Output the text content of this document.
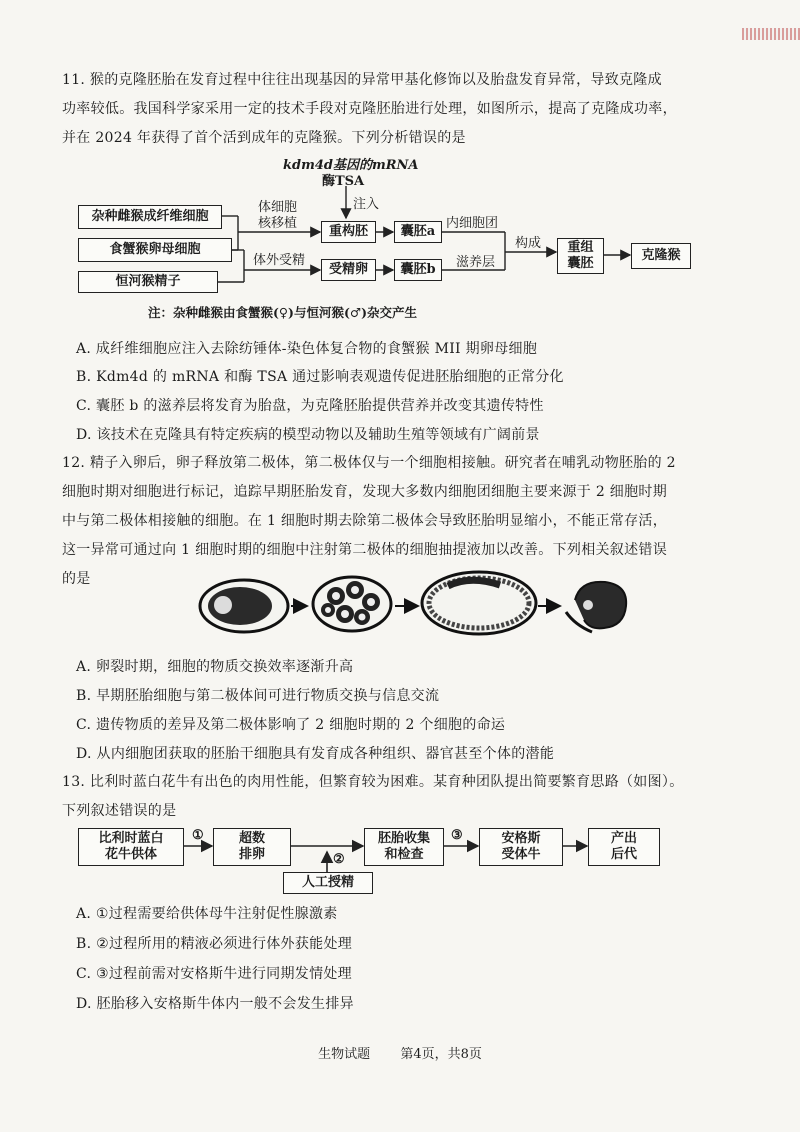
11. 猴的克隆胚胎在发育过程中往往出现基因的异常甲基化修饰以及胎盘发育异常，导致克隆成
功率较低。我国科学家采用一定的技术手段对克隆胚胎进行处理，如图所示，提高了克隆成功率，
并在 2024 年获得了首个活到成年的克隆猴。下列分析错误的是
kdm4d基因的mRNA
酶TSA
注入
杂种雌猴成纤维细胞
食蟹猴卵母细胞
恒河猴精子
体细胞
核移植
体外受精
重构胚	囊胚a
受精卵	囊胚b
内细胞团
滋养层
构成 重组
囊胚
克隆猴
注：杂种雌猴由食蟹猴(♀)与恒河猴(♂)杂交产生
A. 成纤维细胞应注入去除纺锤体-染色体复合物的食蟹猴 MII 期卵母细胞
B. Kdm4d 的 mRNA 和酶 TSA 通过影响表观遗传促进胚胎细胞的正常分化
C. 囊胚 b 的滋养层将发育为胎盘，为克隆胚胎提供营养并改变其遗传特性
D. 该技术在克隆具有特定疾病的模型动物以及辅助生殖等领域有广阔前景
12. 精子入卵后，卵子释放第二极体，第二极体仅与一个细胞相接触。研究者在哺乳动物胚胎的 2
细胞时期对细胞进行标记，追踪早期胚胎发育，发现大多数内细胞团细胞主要来源于 2 细胞时期
中与第二极体相接触的细胞。在 1 细胞时期去除第二极体会导致胚胎明显缩小，不能正常存活，
这一异常可通过向 1 细胞时期的细胞中注射第二极体的细胞抽提液加以改善。下列相关叙述错误
的是
A. 卵裂时期，细胞的物质交换效率逐渐升高
B. 早期胚胎细胞与第二极体间可进行物质交换与信息交流
C. 遗传物质的差异及第二极体影响了 2 细胞时期的 2 个细胞的命运
D. 从内细胞团获取的胚胎干细胞具有发育成各种组织、器官甚至个体的潜能
13. 比利时蓝白花牛有出色的肉用性能，但繁育较为困难。某育种团队提出简要繁育思路（如图）。
下列叙述错误的是
比利时蓝白
花牛供体
①	超数
排卵	②
人工授精
胚胎收集
和检查
③	安格斯
受体牛
产出
后代
A. ①过程需要给供体母牛注射促性腺激素
B. ②过程所用的精液必须进行体外获能处理
C. ③过程前需对安格斯牛进行同期发情处理
D. 胚胎移入安格斯牛体内一般不会发生排异
生物试题 第4页，共8页
